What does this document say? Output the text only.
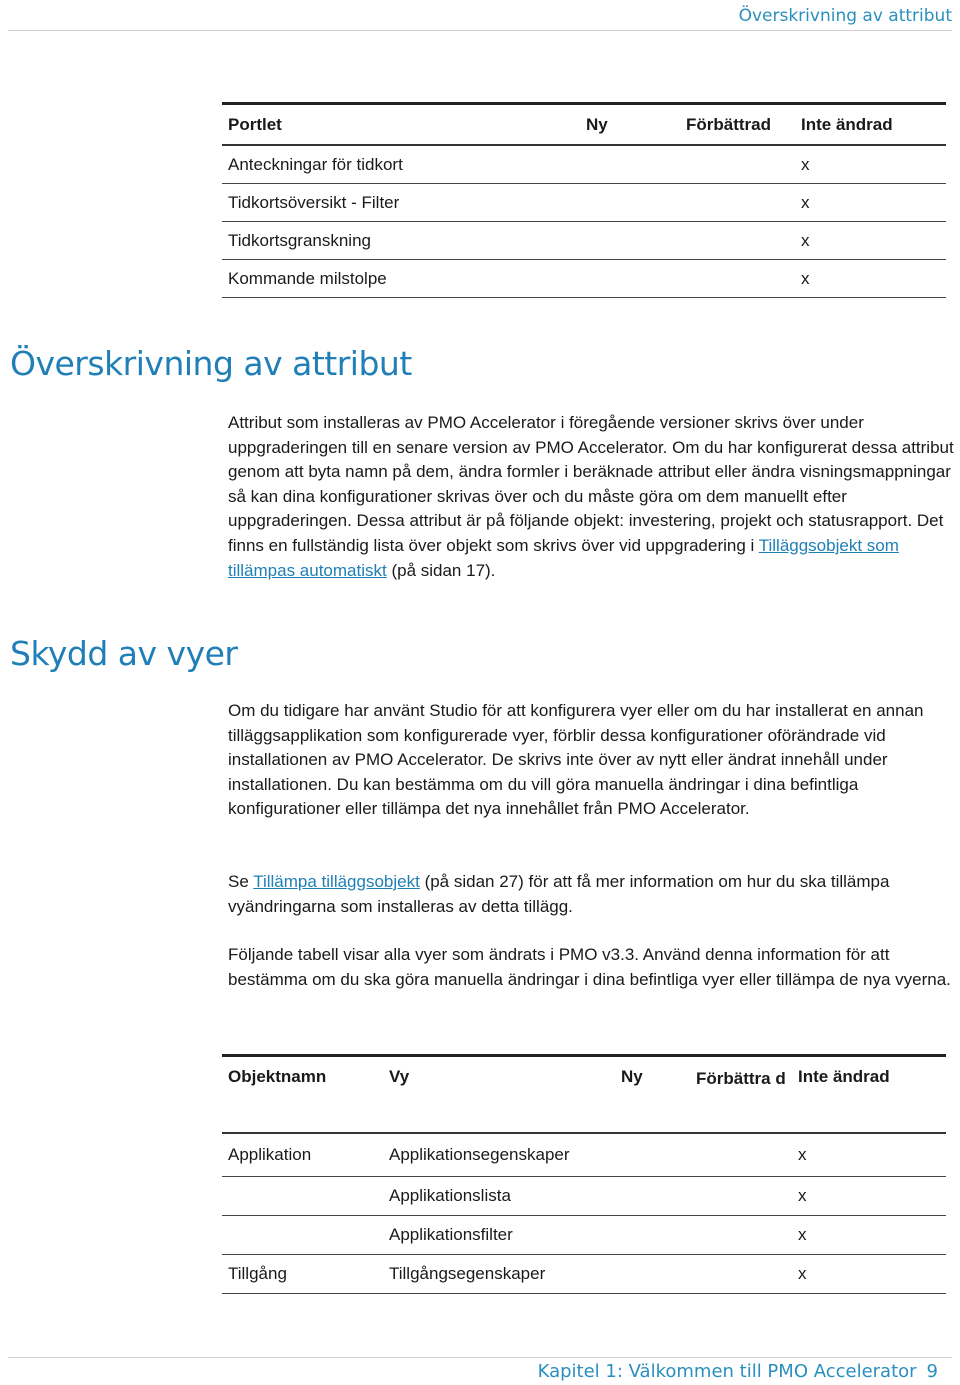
Överskrivning av attribut
Portlet	Ny	Förbättrad	Inte ändrad
Anteckningar för tidkort			x
Tidkortsöversikt - Filter			x
Tidkortsgranskning			x
Kommande milstolpe			x
Överskrivning av attribut

Attribut som installeras av PMO Accelerator i föregående versioner skrivs över under uppgraderingen till en senare version av PMO Accelerator. Om du har konfigurerat dessa attribut genom att byta namn på dem, ändra formler i beräknade attribut eller ändra visningsmappningar så kan dina konfigurationer skrivas över och du måste göra om dem manuellt efter uppgraderingen. Dessa attribut är på följande objekt: investering, projekt och statusrapport. Det finns en fullständig lista över objekt som skrivs över vid uppgradering i Tilläggsobjekt som tillämpas automatiskt (på sidan 17).

Skydd av vyer

Om du tidigare har använt Studio för att konfigurera vyer eller om du har installerat en annan tilläggsapplikation som konfigurerade vyer, förblir dessa konfigurationer oförändrade vid installationen av PMO Accelerator. De skrivs inte över av nytt eller ändrat innehåll under installationen. Du kan bestämma om du vill göra manuella ändringar i dina befintliga konfigurationer eller tillämpa det nya innehållet från PMO Accelerator.

Se Tillämpa tilläggsobjekt (på sidan 27) för att få mer information om hur du ska tillämpa vyändringarna som installeras av detta tillägg.

Följande tabell visar alla vyer som ändrats i PMO v3.3. Använd denna information för att bestämma om du ska göra manuella ändringar i dina befintliga vyer eller tillämpa de nya vyerna.

Objektnamn	Vy	Ny	Förbättra d	Inte ändrad
Applikation	Applikationsegenskaper			x
	Applikationslista			x
	Applikationsfilter			x
Tillgång	Tillgångsegenskaper			x
Kapitel 1: Välkommen till PMO Accelerator 9
